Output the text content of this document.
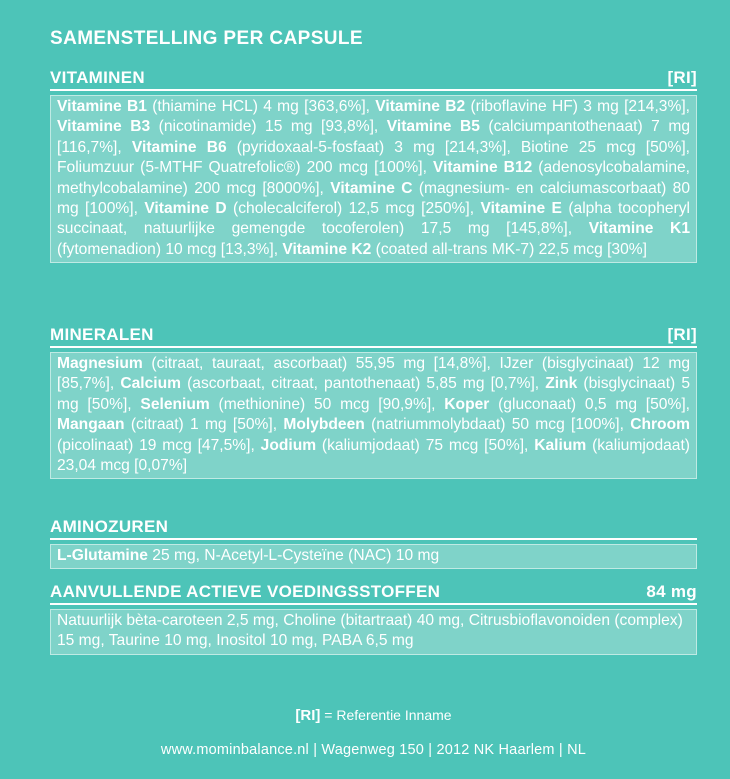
SAMENSTELLING PER CAPSULE
VITAMINEN	[RI]
Vitamine B1 (thiamine HCL) 4 mg [363,6%], Vitamine B2 (riboflavine HF) 3 mg [214,3%], Vitamine B3 (nicotinamide) 15 mg [93,8%], Vitamine B5 (calciumpantothenaat) 7 mg [116,7%], Vitamine B6 (pyridoxaal-5-fosfaat) 3 mg [214,3%], Biotine 25 mcg [50%], Foliumzuur (5-MTHF Quatrefolic®) 200 mcg [100%], Vitamine B12 (adenosylcobalamine, methylcobalamine) 200 mcg [8000%], Vitamine C (magnesium- en calciumascorbaat) 80 mg [100%], Vitamine D (cholecalciferol) 12,5 mcg [250%], Vitamine E (alpha tocopheryl succinaat, natuurlijke gemengde tocoferolen) 17,5 mg [145,8%], Vitamine K1 (fytomenadion) 10 mcg [13,3%], Vitamine K2 (coated all-trans MK-7) 22,5 mcg [30%]
MINERALEN	[RI]
Magnesium (citraat, tauraat, ascorbaat) 55,95 mg [14,8%], IJzer (bisglycinaat) 12 mg [85,7%], Calcium (ascorbaat, citraat, pantothenaat) 5,85 mg [0,7%], Zink (bisglycinaat) 5 mg [50%], Selenium (methionine) 50 mcg [90,9%], Koper (gluconaat) 0,5 mg [50%], Mangaan (citraat) 1 mg [50%], Molybdeen (natriummolybdaat) 50 mcg [100%], Chroom (picolinaat) 19 mcg [47,5%], Jodium (kaliumjodaat) 75 mcg [50%], Kalium (kaliumjodaat) 23,04 mcg [0,07%]
AMINOZUREN
L-Glutamine 25 mg, N-Acetyl-L-Cysteïne (NAC) 10 mg
AANVULLENDE ACTIEVE VOEDINGSSTOFFEN	84 mg
Natuurlijk bèta-caroteen 2,5 mg, Choline (bitartraat) 40 mg, Citrusbioflavonoiden (complex) 15 mg, Taurine 10 mg, Inositol 10 mg, PABA 6,5 mg
[RI] = Referentie Inname
www.mominbalance.nl | Wagenweg 150 | 2012 NK Haarlem | NL
